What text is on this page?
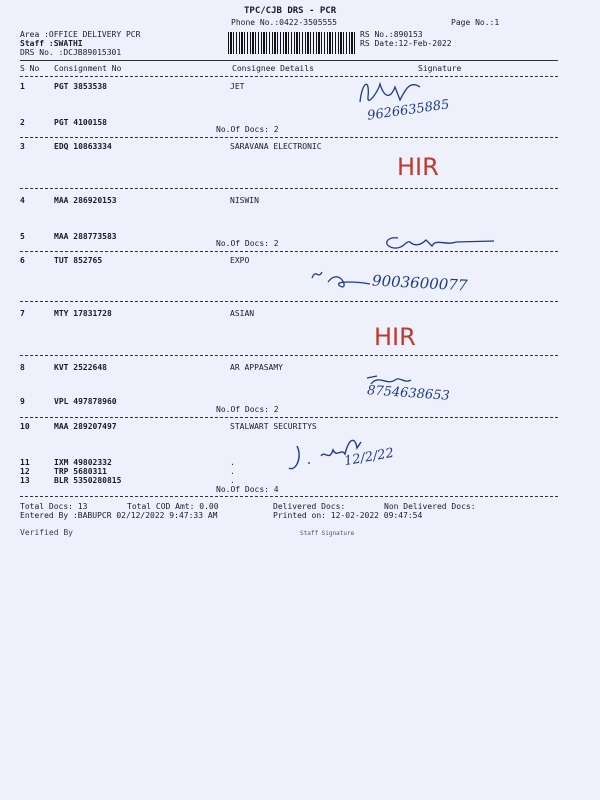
TPC/CJB DRS - PCR
Phone No.:0422-3505555	Page No.:1
Area :OFFICE DELIVERY PCR
Staff :SWATHI
DRS No. :DCJB89015301
RS No.:890153
RS Date:12-Feb-2022
S No Consignment No	Consignee Details	Signature
1	PGT 3853538	JET
2	PGT 4100158
No.Of Docs: 2
3	EDQ 10863334	SARAVANA ELECTRONIC
4	MAA 286920153	NISWIN
5	MAA 288773583
No.Of Docs: 2
6	TUT 852765	EXPO
7	MTY 17831728	ASIAN
8	KVT 2522648	AR APPASAMY
9	VPL 497878960
No.Of Docs: 2
10	MAA 289207497	STALWART SECURITYS
11	IXM 49802332	.
12	TRP 5680311	.
13	BLR 5350280815	.
No.Of Docs: 4
Total Docs: 13	Total COD Amt: 0.00	Delivered Docs:	Non Delivered Docs:
Entered By :BABUPCR 02/12/2022 9:47:33 AM	Printed on: 12-02-2022 09:47:54
Verified By	Staff Signature
9626635885
HIR
9003600077
HIR
8754638653
12/2/22
